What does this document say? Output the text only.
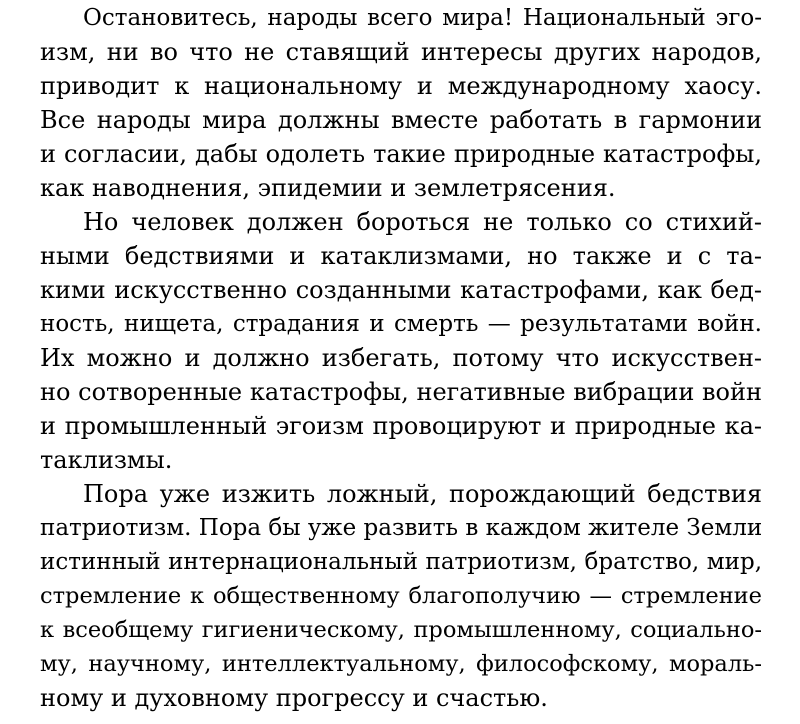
Остановитесь, народы всего мира! Национальный эго-
изм, ни во что не ставящий интересы других народов,
приводит к национальному и международному хаосу.
Все народы мира должны вместе работать в гармонии
и согласии, дабы одолеть такие природные катастрофы,
как наводнения, эпидемии и землетрясения.
Но человек должен бороться не только со стихий-
ными бедствиями и катаклизмами, но также и с та-
кими искусственно созданными катастрофами, как бед-
ность, нищета, страдания и смерть — результатами войн.
Их можно и должно избегать, потому что искусствен-
но сотворенные катастрофы, негативные вибрации войн
и промышленный эгоизм провоцируют и природные ка-
таклизмы.
Пора уже изжить ложный, порождающий бедствия
патриотизм. Пора бы уже развить в каждом жителе Земли
истинный интернациональный патриотизм, братство, мир,
стремление к общественному благополучию — стремление
к всеобщему гигиеническому, промышленному, социально-
му, научному, интеллектуальному, философскому, мораль-
ному и духовному прогрессу и счастью.
